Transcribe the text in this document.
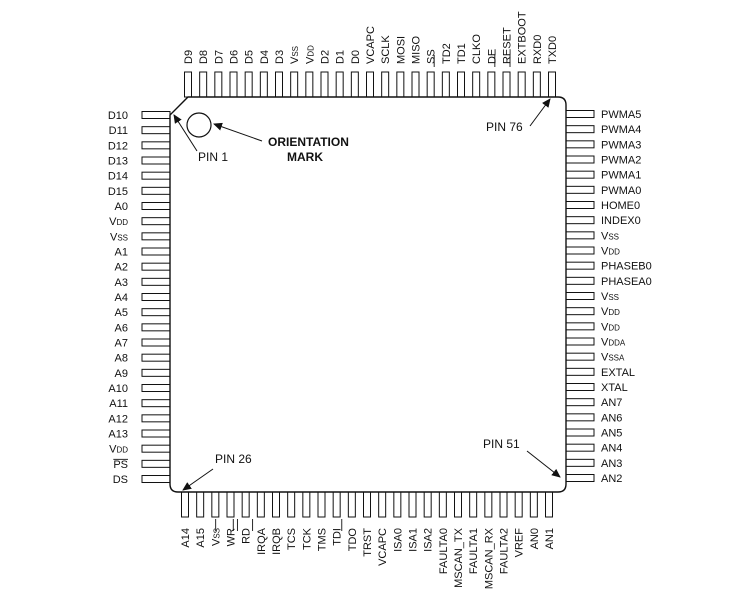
D10
D11
D12
D13
D14
D15
A0
VDD
VSS
A1
A2
A3
A4
A5
A6
A7
A8
A9
A10
A11
A12
A13
VDD
PS
DS
A14 A15 VSS WR RD IRQA IRQB TCS TCK TMS TDI TDO TRST VCAPC ISA0 ISA1 ISA2 FAULTA0 MSCAN_TX FAULTA1 MSCAN_RX FAULTA2 VREF AN0 AN1
PWMA5
PWMA4
PWMA3
PWMA2
PWMA1
PWMA0
HOME0
INDEX0
VSS
VDD
PHASEB0
PHASEA0
VSS
VDD
VDD
VDDA
VSSA
EXTAL
XTAL
AN7
AN6
AN5
AN4
AN3
AN2
D9 D8 D7 D6 D5 D4 D3 VSS
VDD D2 D1 D0 VCAPC SCLK MOSI MISO SS TD2 TD1 CLKO DE RESET EXTBOOT RXD0 TXD0
ORIENTATION
MARK
PIN 1
PIN 26
PIN 51
PIN 76
